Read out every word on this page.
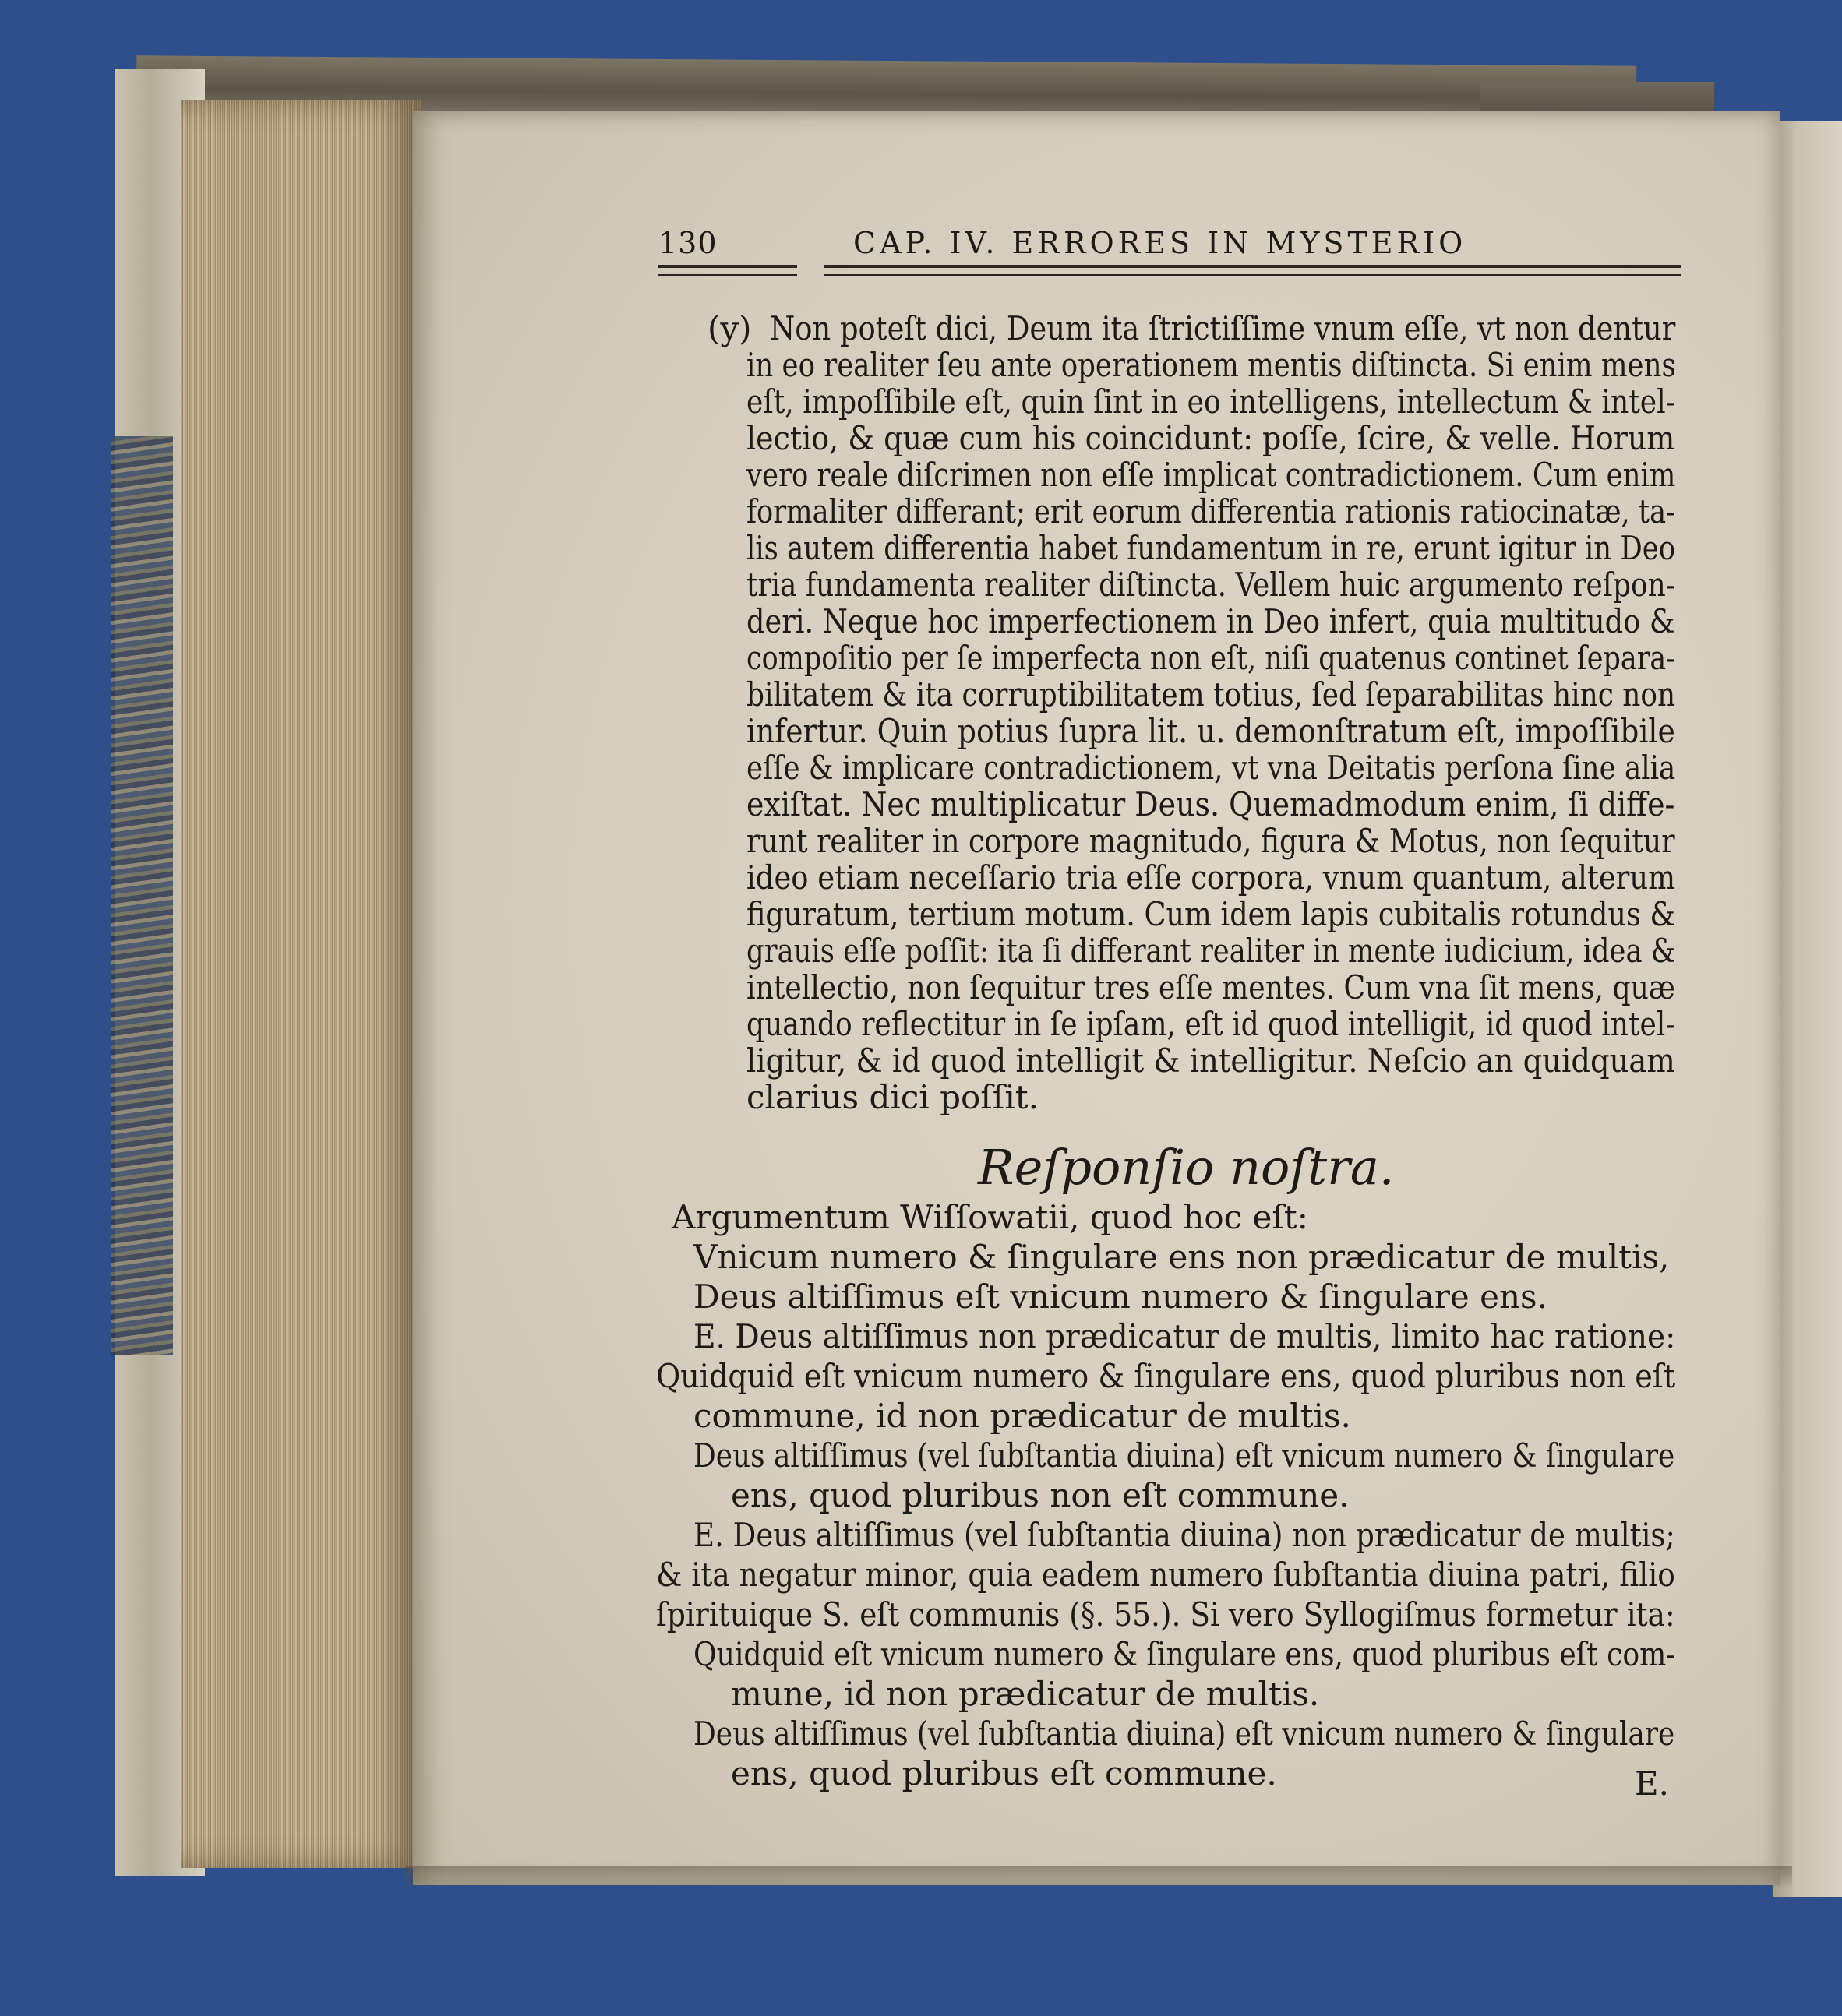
130	CAP. IV. ERRORES IN MYSTERIO
(y) Non poteſt dici, Deum ita ſtrictiſſime vnum eſſe, vt non dentur
in eo realiter ſeu ante operationem mentis diſtincta. Si enim mens
eſt, impoſſibile eſt, quin ſint in eo intelligens, intellectum & intel-
lectio, & quæ cum his coincidunt: poſſe, ſcire, & velle. Horum
vero reale diſcrimen non eſſe implicat contradictionem. Cum enim
formaliter differant; erit eorum differentia rationis ratiocinatæ, ta-
lis autem differentia habet fundamentum in re, erunt igitur in Deo
tria fundamenta realiter diſtincta. Vellem huic argumento reſpon-
deri. Neque hoc imperfectionem in Deo infert, quia multitudo &
compoſitio per ſe imperfecta non eſt, niſi quatenus continet ſepara-
bilitatem & ita corruptibilitatem totius, ſed ſeparabilitas hinc non
infertur. Quin potius ſupra lit. u. demonſtratum eſt, impoſſibile
eſſe & implicare contradictionem, vt vna Deitatis perſona ſine alia
exiſtat. Nec multiplicatur Deus. Quemadmodum enim, ſi diffe-
runt realiter in corpore magnitudo, figura & Motus, non ſequitur
ideo etiam neceſſario tria eſſe corpora, vnum quantum, alterum
figuratum, tertium motum. Cum idem lapis cubitalis rotundus &
grauis eſſe poſſit: ita ſi differant realiter in mente iudicium, idea &
intellectio, non ſequitur tres eſſe mentes. Cum vna ſit mens, quæ
quando reflectitur in ſe ipſam, eſt id quod intelligit, id quod intel-
ligitur, & id quod intelligit & intelligitur. Neſcio an quidquam
clarius dici poſſit.
Reſponſio noſtra.
Argumentum Wiſſowatii, quod hoc eſt:
Vnicum numero & ſingulare ens non prædicatur de multis,
Deus altiſſimus eſt vnicum numero & ſingulare ens.
E. Deus altiſſimus non prædicatur de multis, limito hac ratione:
Quidquid eſt vnicum numero & ſingulare ens, quod pluribus non eſt
commune, id non prædicatur de multis.
Deus altiſſimus (vel ſubſtantia diuina) eſt vnicum numero & ſingulare
ens, quod pluribus non eſt commune.
E. Deus altiſſimus (vel ſubſtantia diuina) non prædicatur de multis;
& ita negatur minor, quia eadem numero ſubſtantia diuina patri, filio
ſpirituique S. eſt communis (§. 55.). Si vero Syllogiſmus formetur ita:
Quidquid eſt vnicum numero & ſingulare ens, quod pluribus eſt com-
mune, id non prædicatur de multis.
Deus altiſſimus (vel ſubſtantia diuina) eſt vnicum numero & ſingulare
ens, quod pluribus eſt commune.	E.
